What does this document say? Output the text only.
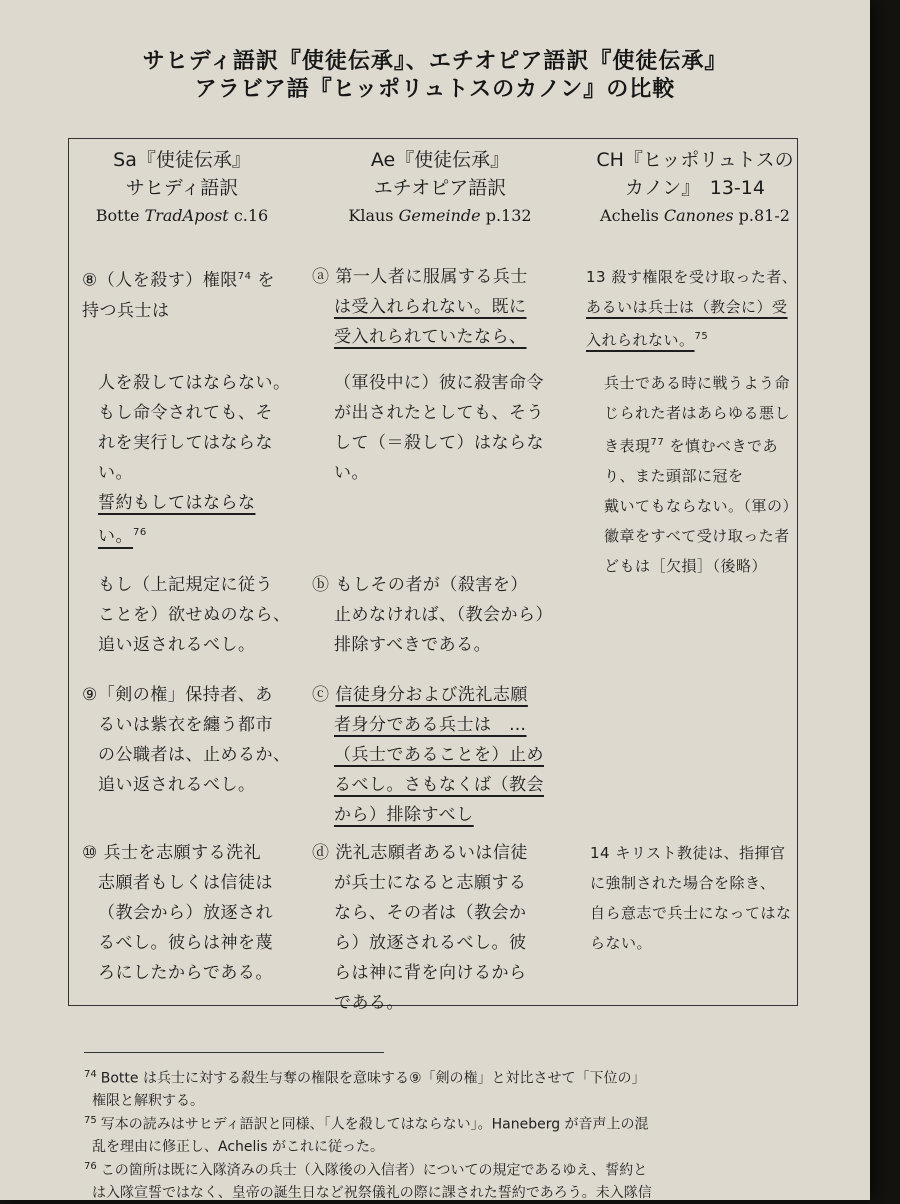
サヒディ語訳『使徒伝承』、エチオピア語訳『使徒伝承』
アラビア語『ヒッポリュトスのカノン』の比較
Sa『使徒伝承』
サヒディ語訳
Botte TradApost c.16
Ae『使徒伝承』
エチオピア語訳
Klaus Gemeinde p.132
CH『ヒッポリュトスの
カノン』　13-14
Achelis Canones p.81-2
⑧（人を殺す）権限$^{74}$ を
持つ兵士は
人を殺してはならない。
もし命令されても、そ
れを実行してはならな
い。
誓約もしてはならな
い。$^{76}$
もし（上記規定に従う
ことを）欲せぬのなら、
追い返されるべし。
⑨「剣の権」保持者、あ
るいは紫衣を纏う都市
の公職者は、止めるか、
追い返されるべし。
⑩ 兵士を志願する洗礼
志願者もしくは信徒は
（教会から）放逐され
るべし。彼らは神を蔑
ろにしたからである。
ⓐ 第一人者に服属する兵士
は受入れられない。既に
受入れられていたなら、
（軍役中に）彼に殺害命令
が出されたとしても、そう
して（＝殺して）はならな
い。
ⓑ もしその者が（殺害を）
止めなければ、（教会から）
排除すべきである。
ⓒ 信徒身分および洗礼志願
者身分である兵士は　…
（兵士であることを）止め
るべし。さもなくば（教会
から）排除すべし
ⓓ 洗礼志願者あるいは信徒
が兵士になると志願する
なら、その者は（教会か
ら）放逐されるべし。彼
らは神に背を向けるから
である。
13 殺す権限を受け取った者、
あるいは兵士は（教会に）受
入れられない。$^{75}$
兵士である時に戦うよう命
じられた者はあらゆる悪し
き表現$^{77}$ を慎むべきであ
り、また頭部に冠を
戴いてもならない。（軍の）
徽章をすべて受け取った者
どもは［欠損］（後略）
14 キリスト教徒は、指揮官
に強制された場合を除き、
自ら意志で兵士になってはな
らない。
$^{74}$ Botte は兵士に対する殺生与奪の権限を意味する⑨「剣の権」と対比させて「下位の」
権限と解釈する。
$^{75}$ 写本の読みはサヒディ語訳と同様、「人を殺してはならない」。Haneberg が音声上の混
乱を理由に修正し、Achelis がこれに従った。
$^{76}$ この箇所は既に入隊済みの兵士（入隊後の入信者）についての規定であるゆえ、誓約と
は入隊宣誓ではなく、皇帝の誕生日など祝祭儀礼の際に課された誓約であろう。未入隊信
